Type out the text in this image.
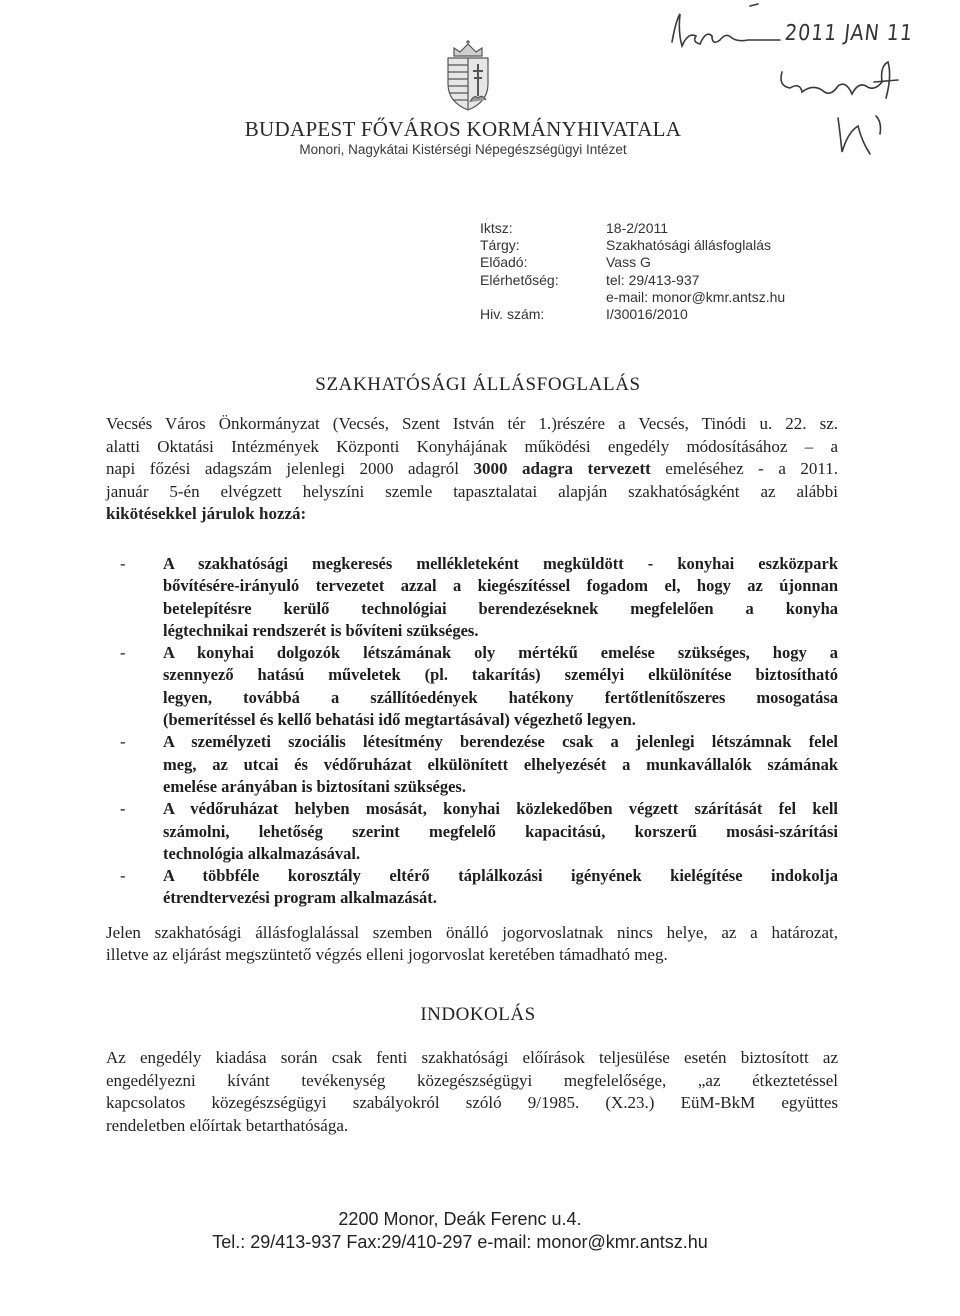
BUDAPEST FŐVÁROS KORMÁNYHIVATALA
Monori, Nagykátai Kistérségi Népegészségügyi Intézet
2011 JAN 11
Iktsz:	18-2/2011
Tárgy:	Szakhatósági állásfoglalás
Előadó:	Vass G
Elérhetőség:	tel: 29/413-937
e-mail: monor@kmr.antsz.hu
Hiv. szám:	I/30016/2010
SZAKHATÓSÁGI ÁLLÁSFOGLALÁS
Vecsés Város Önkormányzat (Vecsés, Szent István tér 1.)részére a Vecsés, Tinódi u. 22. sz.
alatti Oktatási Intézmények Központi Konyhájának működési engedély módosításához – a
napi főzési adagszám jelenlegi 2000 adagról 3000 adagra tervezett emeléséhez - a 2011.
január 5-én elvégzett helyszíni szemle tapasztalatai alapján szakhatóságként az alábbi
kikötésekkel járulok hozzá:
- A szakhatósági megkeresés mellékleteként megküldött - konyhai eszközpark
bővítésére-irányuló tervezetet azzal a kiegészítéssel fogadom el, hogy az újonnan
betelepítésre kerülő technológiai berendezéseknek megfelelően a konyha
légtechnikai rendszerét is bővíteni szükséges.
- A konyhai dolgozók létszámának oly mértékű emelése szükséges, hogy a
szennyező hatású műveletek (pl. takarítás) személyi elkülönítése biztosítható
legyen, továbbá a szállítóedények hatékony fertőtlenítőszeres mosogatása
(bemerítéssel és kellő behatási idő megtartásával) végezhető legyen.
- A személyzeti szociális létesítmény berendezése csak a jelenlegi létszámnak felel
meg, az utcai és védőruházat elkülönített elhelyezését a munkavállalók számának
emelése arányában is biztosítani szükséges.
- A védőruházat helyben mosását, konyhai közlekedőben végzett szárítását fel kell
számolni, lehetőség szerint megfelelő kapacitású, korszerű mosási-szárítási
technológia alkalmazásával.
- A többféle korosztály eltérő táplálkozási igényének kielégítése indokolja
étrendtervezési program alkalmazását.
Jelen szakhatósági állásfoglalással szemben önálló jogorvoslatnak nincs helye, az a határozat,
illetve az eljárást megszüntető végzés elleni jogorvoslat keretében támadható meg.
INDOKOLÁS
Az engedély kiadása során csak fenti szakhatósági előírások teljesülése esetén biztosított az
engedélyezni kívánt tevékenység közegészségügyi megfelelősége, „az étkeztetéssel
kapcsolatos közegészségügyi szabályokról szóló 9/1985. (X.23.) EüM-BkM együttes
rendeletben előírtak betarthatósága.
2200 Monor, Deák Ferenc u.4.
Tel.: 29/413-937 Fax:29/410-297 e-mail: monor@kmr.antsz.hu
